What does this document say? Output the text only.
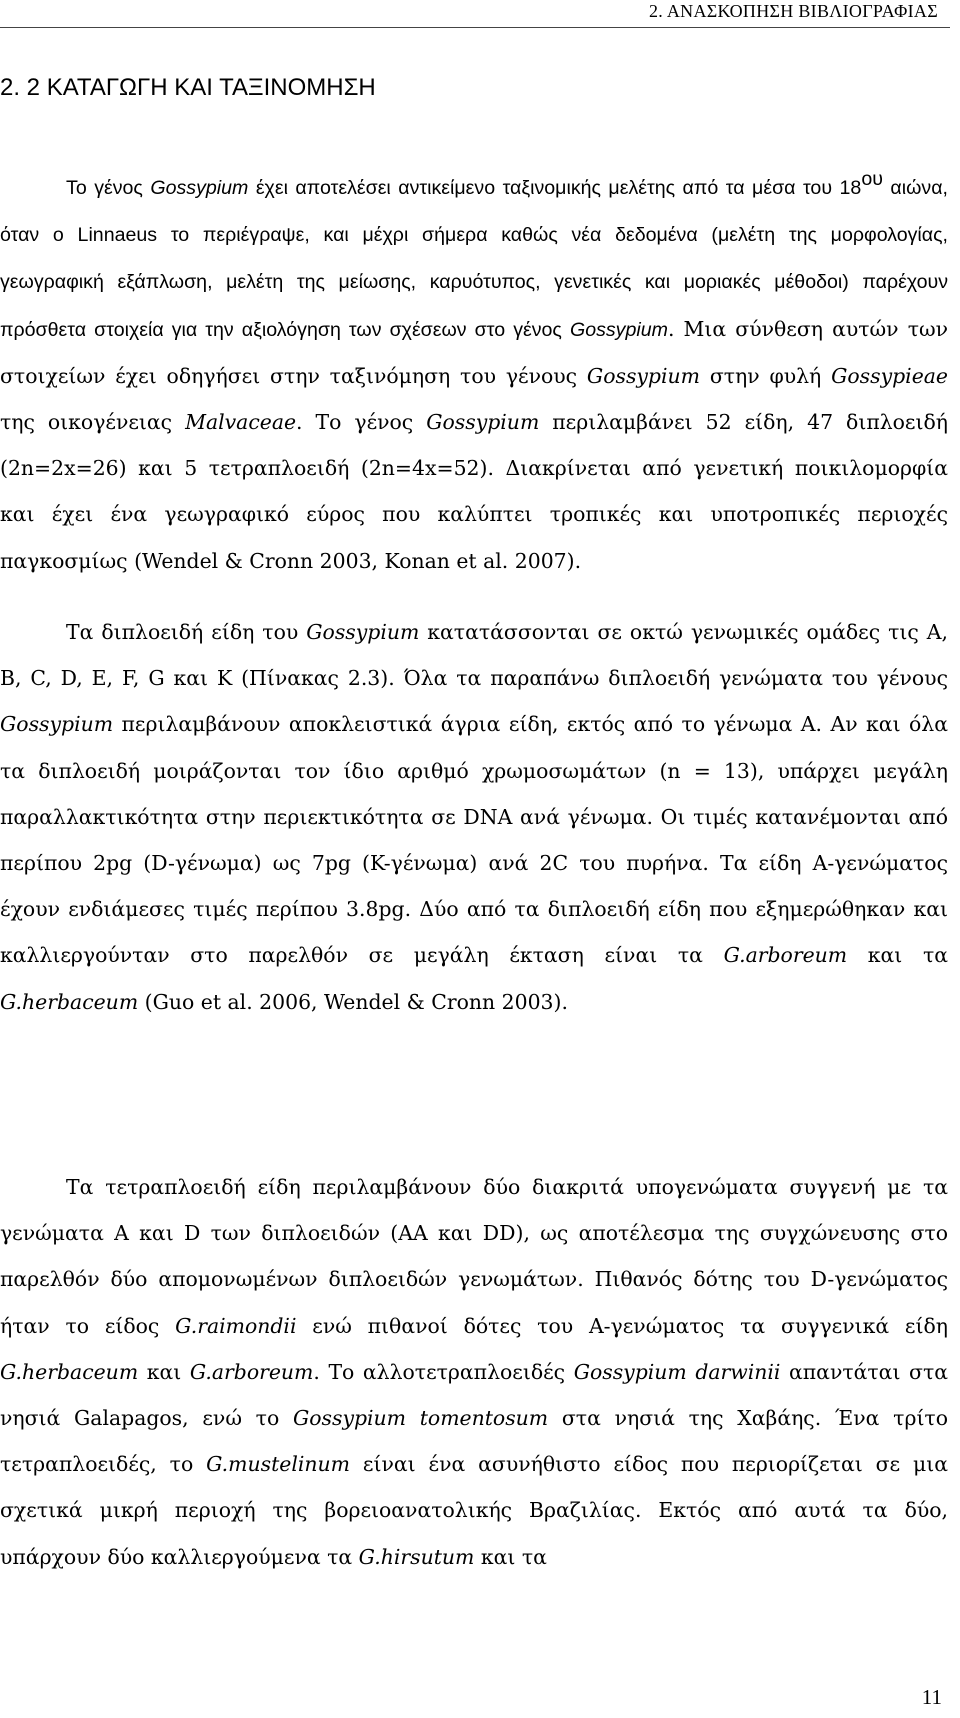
2. ΑΝΑΣΚΟΠΗΣΗ ΒΙΒΛΙΟΓΡΑΦΙΑΣ
2. 2 ΚΑΤΑΓΩΓΗ ΚΑΙ ΤΑΞΙΝΟΜΗΣΗ

Το γένος Gossypium έχει αποτελέσει αντικείμενο ταξινομικής μελέτης από τα μέσα του $18^{o\upsilon}$ αιώνα, όταν ο Linnaeus το περιέγραψε, και μέχρι σήμερα καθώς νέα δεδομένα (μελέτη της μορφολογίας, γεωγραφική εξάπλωση, μελέτη της μείωσης, καρυότυπος, γενετικές και μοριακές μέθοδοι) παρέχουν πρόσθετα στοιχεία για την αξιολόγηση των σχέσεων στο γένος Gossypium. Μια σύνθεση αυτών των στοιχείων έχει οδηγήσει στην ταξινόμηση του γένους Gossypium στην φυλή Gossypieae της οικογένειας Malvaceae. Το γένος Gossypium περιλαμβάνει 52 είδη, 47 διπλοειδή (2n=2x=26) και 5 τετραπλοειδή (2n=4x=52). Διακρίνεται από γενετική ποικιλομορφία και έχει ένα γεωγραφικό εύρος που καλύπτει τροπικές και υποτροπικές περιοχές παγκοσμίως (Wendel & Cronn 2003, Konan et al. 2007).

Τα διπλοειδή είδη του Gossypium κατατάσσονται σε οκτώ γενωμικές ομάδες τις A, B, C, D, E, F, G και K (Πίνακας 2.3). Όλα τα παραπάνω διπλοειδή γενώματα του γένους Gossypium περιλαμβάνουν αποκλειστικά άγρια είδη, εκτός από το γένωμα A. Αν και όλα τα διπλοειδή μοιράζονται τον ίδιο αριθμό χρωμοσωμάτων (n = 13), υπάρχει μεγάλη παραλλακτικότητα στην περιεκτικότητα σε DNA ανά γένωμα. Οι τιμές κατανέμονται από περίπου 2pg (D-γένωμα) ως 7pg (K-γένωμα) ανά 2C του πυρήνα. Τα είδη A-γενώματος έχουν ενδιάμεσες τιμές περίπου 3.8pg. Δύο από τα διπλοειδή είδη που εξημερώθηκαν και καλλιεργούνταν στο παρελθόν σε μεγάλη έκταση είναι τα G.arboreum και τα G.herbaceum (Guo et al. 2006, Wendel & Cronn 2003).

Τα τετραπλοειδή είδη περιλαμβάνουν δύο διακριτά υπογενώματα συγγενή με τα γενώματα A και D των διπλοειδών (AA και DD), ως αποτέλεσμα της συγχώνευσης στο παρελθόν δύο απομονωμένων διπλοειδών γενωμάτων. Πιθανός δότης του D-γενώματος ήταν το είδος G.raimondii ενώ πιθανοί δότες του A-γενώματος τα συγγενικά είδη G.herbaceum και G.arboreum. Το αλλοτετραπλοειδές Gossypium darwinii απαντάται στα νησιά Galapagos, ενώ το Gossypium tomentosum στα νησιά της Χαβάης. Ένα τρίτο τετραπλοειδές, το G.mustelinum είναι ένα ασυνήθιστο είδος που περιορίζεται σε μια σχετικά μικρή περιοχή της βορειοανατολικής Βραζιλίας. Εκτός από αυτά τα δύο, υπάρχουν δύο καλλιεργούμενα τα G.hirsutum και τα

11
